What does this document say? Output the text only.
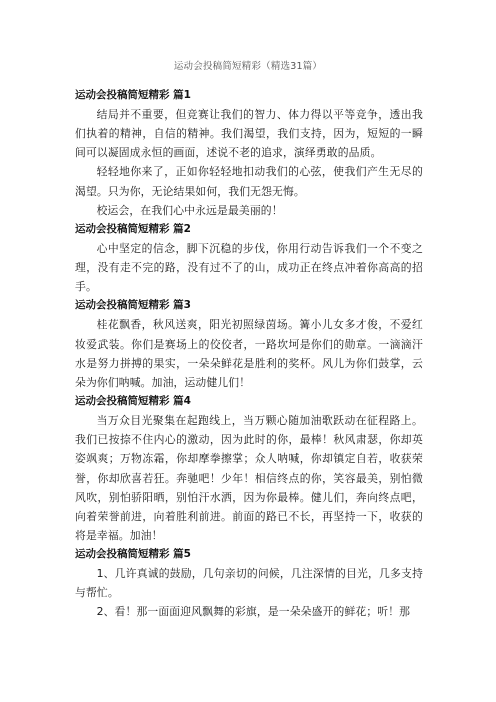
运动会投稿简短精彩（精选31篇）

运动会投稿简短精彩 篇1

结局并不重要，但竞赛让我们的智力、体力得以平等竞争，透出我们执着的精神，自信的精神。我们渴望，我们支持，因为，短短的一瞬间可以凝固成永恒的画面，述说不老的追求，演绎勇敢的品质。

轻轻地你来了，正如你轻轻地扣动我们的心弦，使我们产生无尽的渴望。只为你，无论结果如何，我们无怨无悔。

校运会，在我们心中永远是最美丽的！

运动会投稿简短精彩 篇2

心中坚定的信念，脚下沉稳的步伐，你用行动告诉我们一个不变之理，没有走不完的路，没有过不了的山，成功正在终点冲着你高高的招手。

运动会投稿简短精彩 篇3

桂花飘香，秋风送爽，阳光初照绿茵场。篝小儿女多才俊，不爱红妆爱武装。你们是赛场上的佼佼者，一路坎坷是你们的勋章。一滴滴汗水是努力拼搏的果实，一朵朵鲜花是胜利的奖杯。风儿为你们鼓掌，云朵为你们呐喊。加油，运动健儿们！

运动会投稿简短精彩 篇4

当万众目光聚集在起跑线上，当万颗心随加油歌跃动在征程路上。我们已按捺不住内心的激动，因为此时的你，最棒！秋风肃瑟，你却英姿飒爽；万物冻霜，你却摩拳擦掌；众人呐喊，你却镇定自若，收获荣誉，你却欣喜若狂。奔驰吧！少年！相信终点的你，笑容最美，别怕微风吹，别怕骄阳晒，别怕汗水洒，因为你最棒。健儿们，奔向终点吧，向着荣誉前进，向着胜利前进。前面的路已不长，再坚持一下，收获的将是幸福。加油！

运动会投稿简短精彩 篇5

1、几许真诚的鼓励，几句亲切的问候，几注深情的目光，几多支持与帮忙。

2、看！那一面面迎风飘舞的彩旗，是一朵朵盛开的鲜花；听！那
